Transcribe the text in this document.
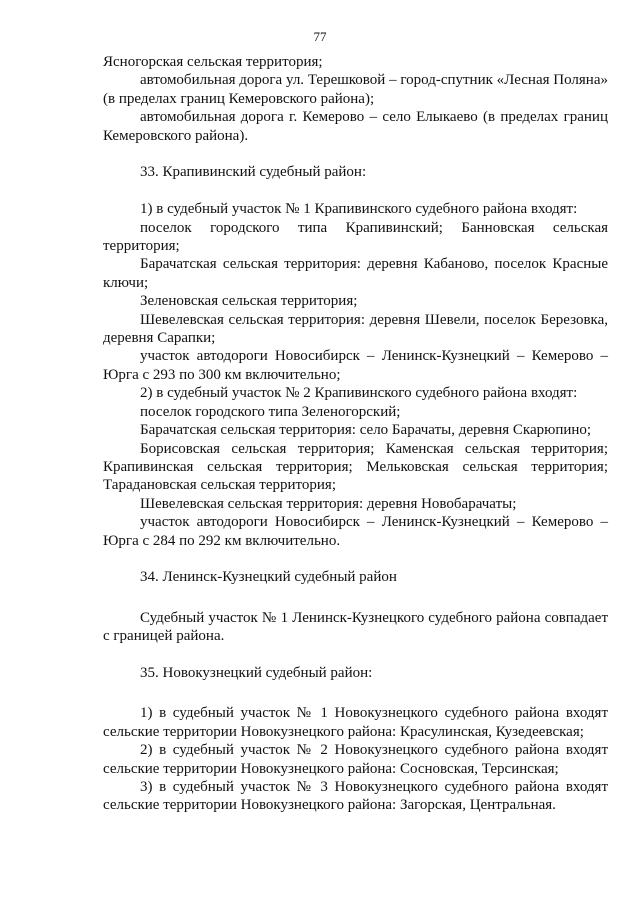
77

Ясногорская сельская территория;

автомобильная дорога ул. Терешковой – город-спутник «Лесная Поляна» (в пределах границ Кемеровского района);

автомобильная дорога г. Кемерово – село Елыкаево (в пределах границ Кемеровского района).

33. Крапивинский судебный район:

1) в судебный участок № 1 Крапивинского судебного района входят:

поселок городского типа Крапивинский; Банновская сельская территория;

Барачатская сельская территория: деревня Кабаново, поселок Красные ключи;

Зеленовская сельская территория;

Шевелевская сельская территория: деревня Шевели, поселок Березовка, деревня Сарапки;

участок автодороги Новосибирск – Ленинск-Кузнецкий – Кемерово – Юрга с 293 по 300 км включительно;

2) в судебный участок № 2 Крапивинского судебного района входят:

поселок городского типа Зеленогорский;

Барачатская сельская территория: село Барачаты, деревня Скарюпино;

Борисовская сельская территория; Каменская сельская территория; Крапивинская сельская территория; Мельковская сельская территория; Тарадановская сельская территория;

Шевелевская сельская территория: деревня Новобарачаты;

участок автодороги Новосибирск – Ленинск-Кузнецкий – Кемерово – Юрга с 284 по 292 км включительно.

34. Ленинск-Кузнецкий судебный район

Судебный участок № 1 Ленинск-Кузнецкого судебного района совпадает с границей района.

35. Новокузнецкий судебный район:

1) в судебный участок № 1 Новокузнецкого судебного района входят сельские территории Новокузнецкого района: Красулинская, Кузедеевская;

2) в судебный участок № 2 Новокузнецкого судебного района входят сельские территории Новокузнецкого района: Сосновская, Терсинская;

3) в судебный участок № 3 Новокузнецкого судебного района входят сельские территории Новокузнецкого района: Загорская, Центральная.
